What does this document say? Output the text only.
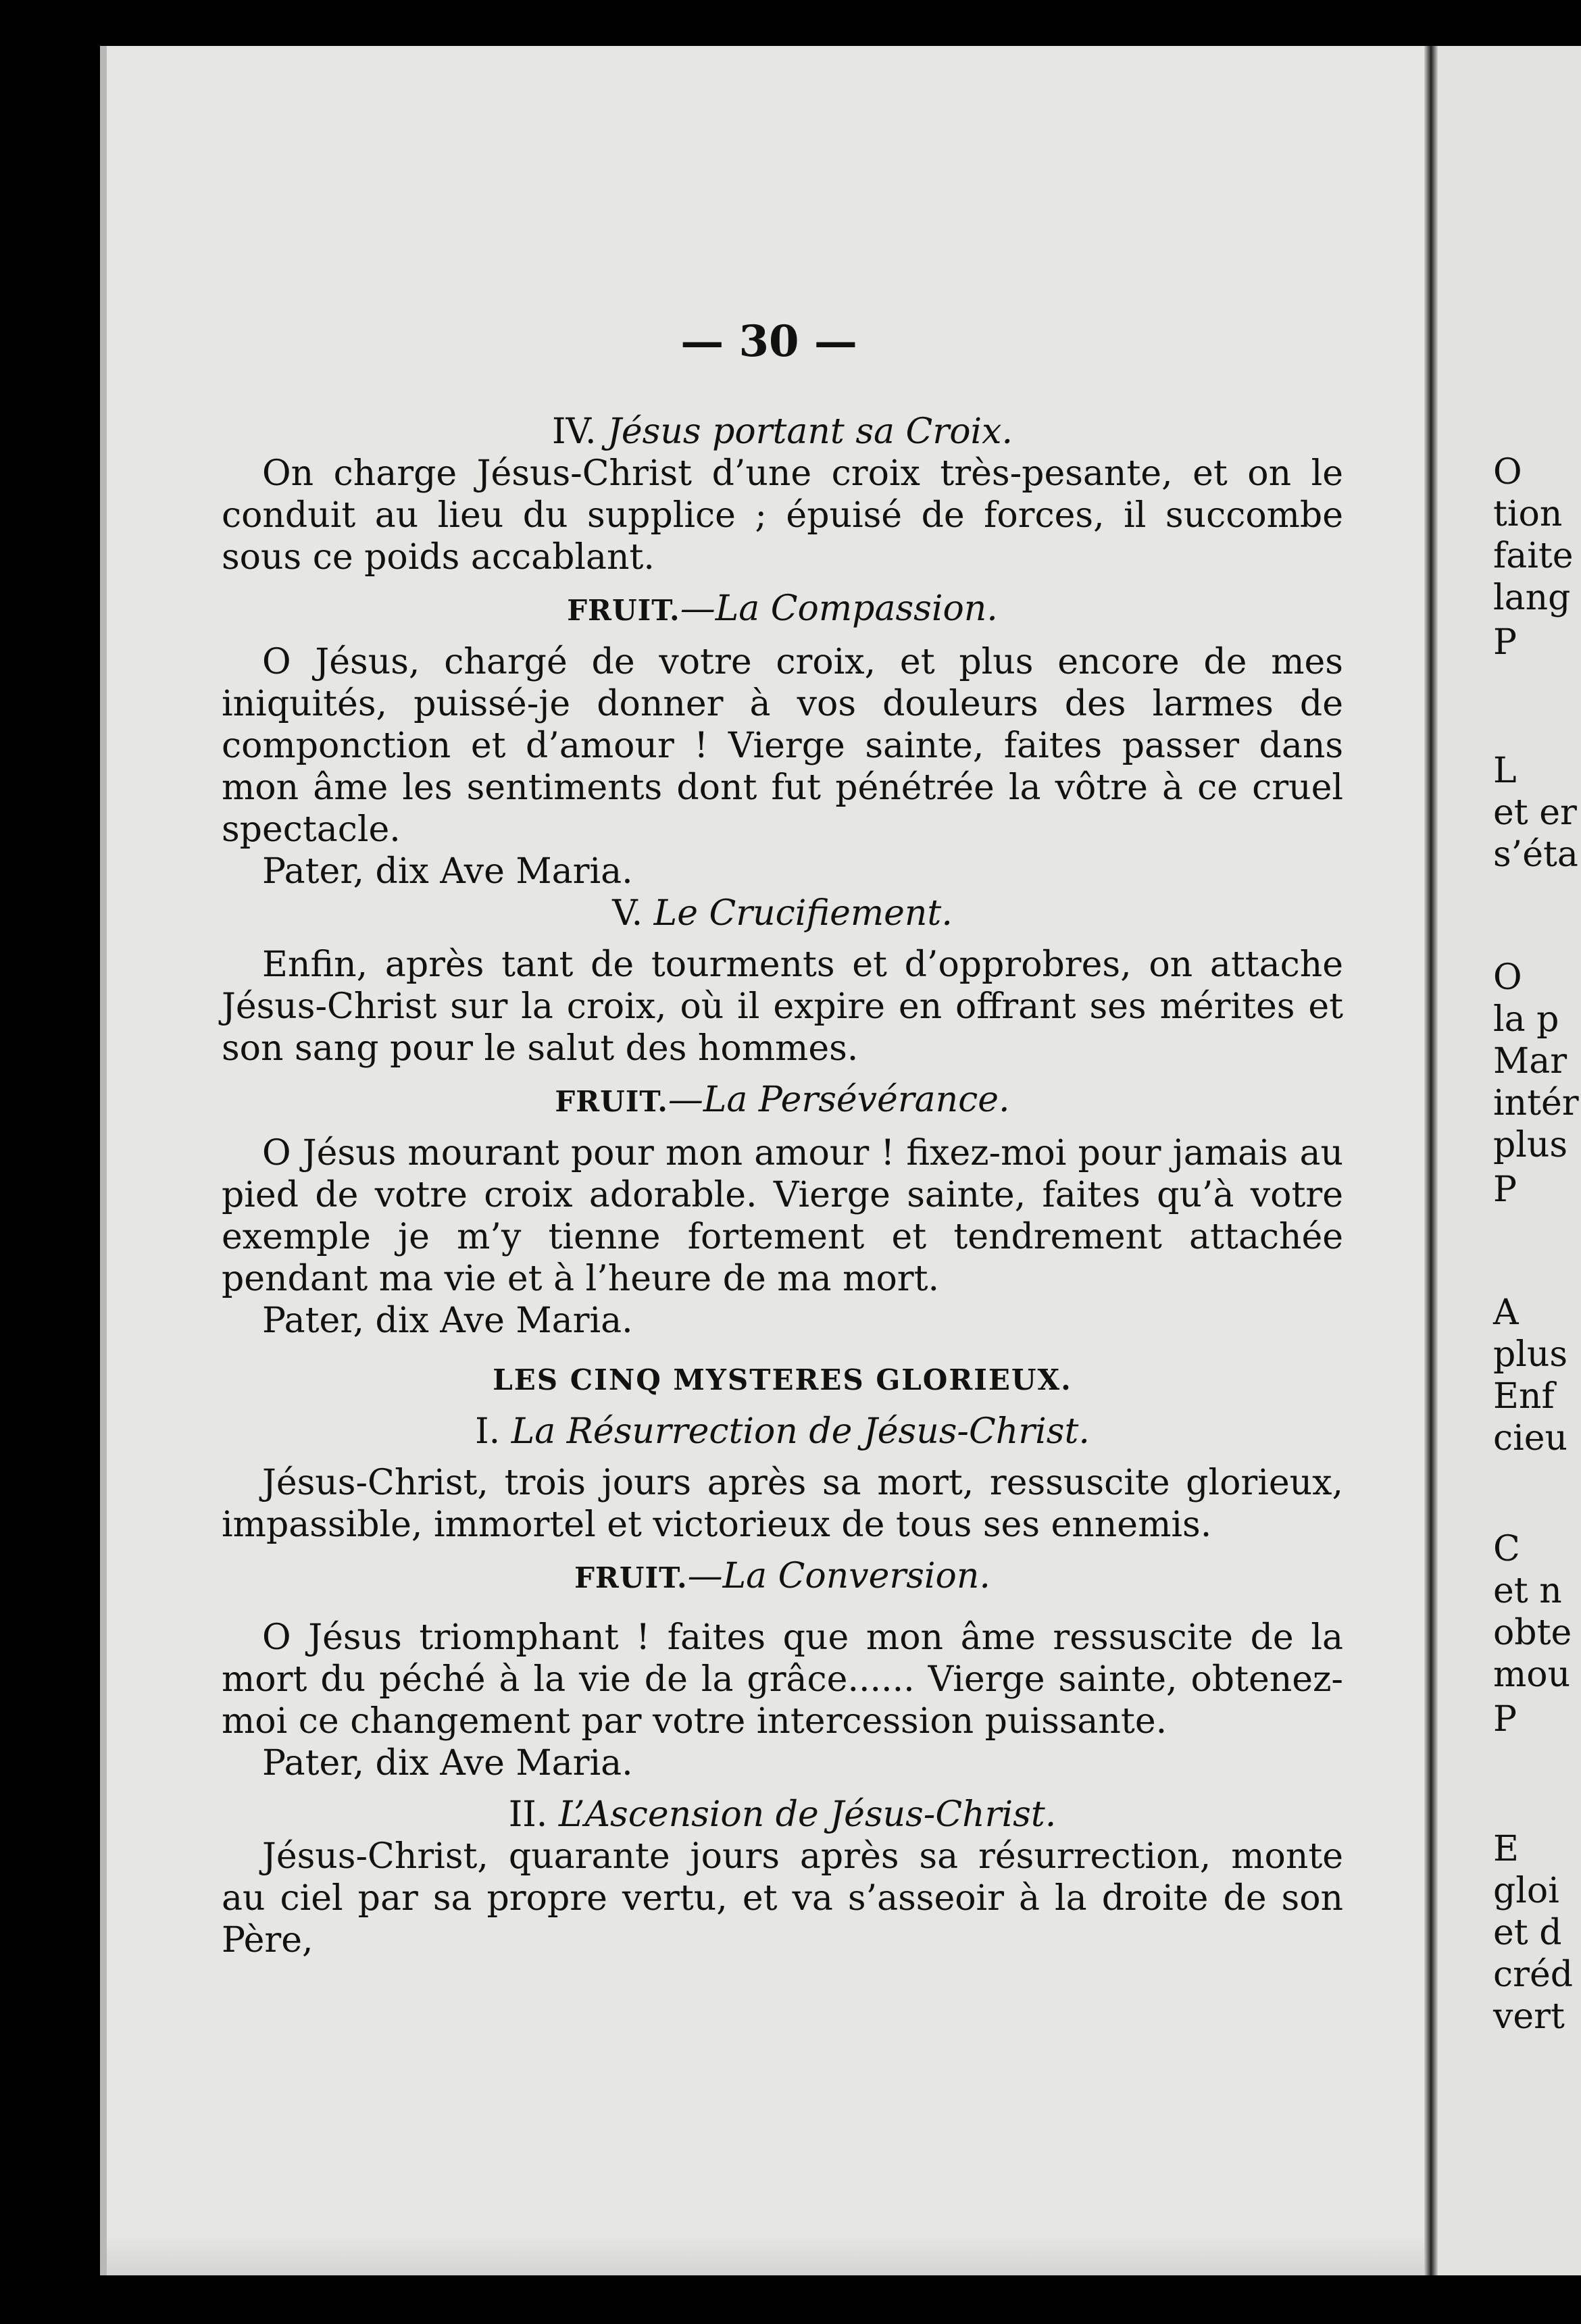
— 30 —

IV. Jésus portant sa Croix.

On charge Jésus-Christ d’une croix très-pesante, et on le conduit au lieu du supplice ; épuisé de forces, il succombe sous ce poids accablant.

FRUIT.—La Compassion.

O Jésus, chargé de votre croix, et plus encore de mes iniquités, puissé-je donner à vos douleurs des larmes de componction et d’amour ! Vierge sainte, faites passer dans mon âme les sentiments dont fut pénétrée la vôtre à ce cruel spectacle.

Pater, dix Ave Maria.

V. Le Crucifiement.

Enfin, après tant de tourments et d’opprobres, on attache Jésus-Christ sur la croix, où il expire en offrant ses mérites et son sang pour le salut des hommes.

FRUIT.—La Persévérance.

O Jésus mourant pour mon amour ! fixez-moi pour jamais au pied de votre croix adorable. Vierge sainte, faites qu’à votre exemple je m’y tienne fortement et tendrement attachée pendant ma vie et à l’heure de ma mort.

Pater, dix Ave Maria.

LES CINQ MYSTERES GLORIEUX.

I. La Résurrection de Jésus-Christ.

Jésus-Christ, trois jours après sa mort, ressuscite glorieux, impassible, immortel et victorieux de tous ses ennemis.

FRUIT.—La Conversion.

O Jésus triomphant ! faites que mon âme ressuscite de la mort du péché à la vie de la grâce...... Vierge sainte, obtenez-moi ce changement par votre intercession puissante.

Pater, dix Ave Maria.

II. L’Ascension de Jésus-Christ.

Jésus-Christ, quarante jours après sa résurrection, monte au ciel par sa propre vertu, et va s’asseoir à la droite de son Père,

O
tion
faite
lang
P
L
et er
s’éta
O
la p
Mar
intér
plus
P
A
plus
Enf
cieu
C
et n
obte
mou
P
E
gloi
et d
créd
vert
